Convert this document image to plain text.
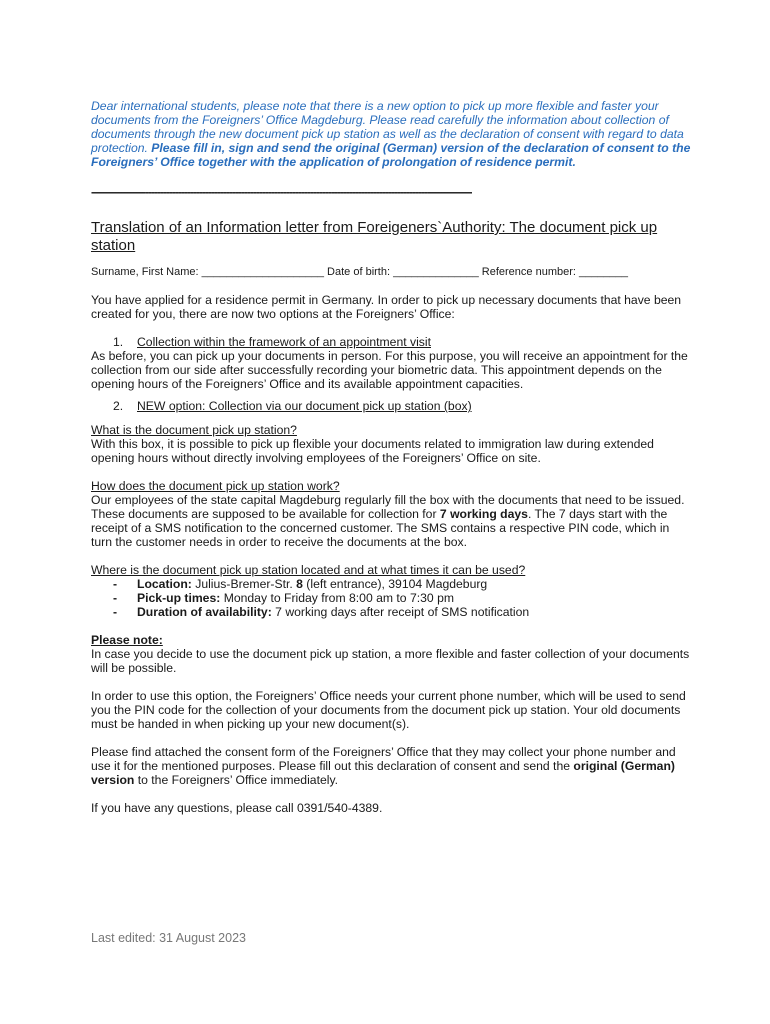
Dear international students, please note that there is a new option to pick up more flexible and faster your documents from the Foreigners’ Office Magdeburg. Please read carefully the information about collection of documents through the new document pick up station as well as the declaration of consent with regard to data protection. Please fill in, sign and send the original (German) version of the declaration of consent to the Foreigners’ Office together with the application of prolongation of residence permit.

-------------------------------------------------------------------------------------------------------------------------------
Translation of an Information letter from Foreigeners`Authority: The document pick up station
Surname, First Name: ____________________ Date of birth: ______________ Reference number: ________

You have applied for a residence permit in Germany. In order to pick up necessary documents that have been created for you, there are now two options at the Foreigners’ Office:

1. Collection within the framework of an appointment visit

As before, you can pick up your documents in person. For this purpose, you will receive an appointment for the collection from our side after successfully recording your biometric data. This appointment depends on the opening hours of the Foreigners’ Office and its available appointment capacities.

2. NEW option: Collection via our document pick up station (box)

What is the document pick up station?

With this box, it is possible to pick up flexible your documents related to immigration law during extended opening hours without directly involving employees of the Foreigners’ Office on site.

How does the document pick up station work?

Our employees of the state capital Magdeburg regularly fill the box with the documents that need to be issued. These documents are supposed to be available for collection for 7 working days. The 7 days start with the receipt of a SMS notification to the concerned customer. The SMS contains a respective PIN code, which in turn the customer needs in order to receive the documents at the box.

Where is the document pick up station located and at what times it can be used?

- Location: Julius-Bremer-Str. 8 (left entrance), 39104 Magdeburg
- Pick-up times: Monday to Friday from 8:00 am to 7:30 pm
- Duration of availability: 7 working days after receipt of SMS notification

Please note:

In case you decide to use the document pick up station, a more flexible and faster collection of your documents will be possible.

In order to use this option, the Foreigners’ Office needs your current phone number, which will be used to send you the PIN code for the collection of your documents from the document pick up station. Your old documents must be handed in when picking up your new document(s).

Please find attached the consent form of the Foreigners’ Office that they may collect your phone number and use it for the mentioned purposes. Please fill out this declaration of consent and send the original (German) version to the Foreigners’ Office immediately.

If you have any questions, please call 0391/540-4389.

Last edited: 31 August 2023
